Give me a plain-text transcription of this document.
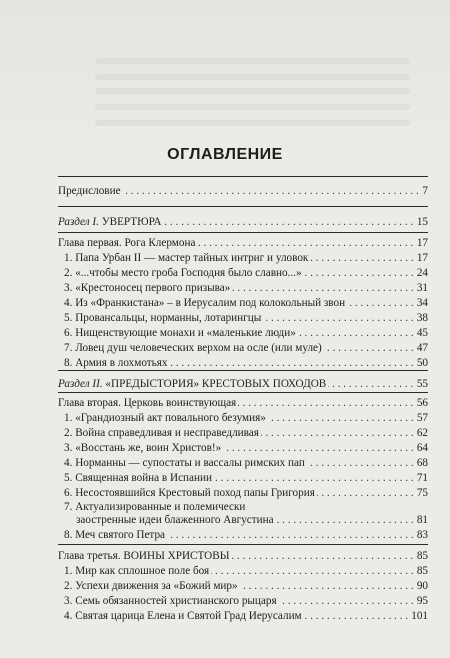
ОГЛАВЛЕНИЕ
. . . Предисловие	7
. . . Раздел I. УВЕРТЮРА	15
. . . Глава первая. Рога Клермона	17
. . . 1. Папа Урбан II — мастер тайных интриг и уловок	17
. . . 2. «...чтобы место гроба Господня было славно...»	24
. . . 3. «Крестоносец первого призыва»	31
. . . 4. Из «Франкистана» – в Иерусалим под колокольный звон	34
. . . 5. Провансальцы, норманны, лотарингцы	38
. . . 6. Нищенствующие монахи и «маленькие люди»	45
. . . 7. Ловец душ человеческих верхом на осле (или муле)	47
. . . 8. Армия в лохмотьях	50
. . . Раздел II. «ПРЕДЫСТОРИЯ» КРЕСТОВЫХ ПОХОДОВ	55
. . . Глава вторая. Церковь воинствующая	56
. . . 1. «Грандиозный акт повального безумия»	57
. . . 2. Война справедливая и несправедливая	62
. . . 3. «Восстань же, воин Христов!»	64
. . . 4. Норманны — супостаты и вассалы римских пап	68
. . . 5. Священная война в Испании	71
. . . 6. Несостоявшийся Крестовый поход папы Григория	75
7. Актуализированные и полемически
. . . заостренные идеи блаженного Августина	81
. . . 8. Меч святого Петра	83
. . . Глава третья. ВОИНЫ ХРИСТОВЫ	85
. . . 1. Мир как сплошное поле боя	85
. . . 2. Успехи движения за «Божий мир»	90
. . . 3. Семь обязанностей христианского рыцаря	95
. . . 4. Святая царица Елена и Святой Град Иерусалим	101
